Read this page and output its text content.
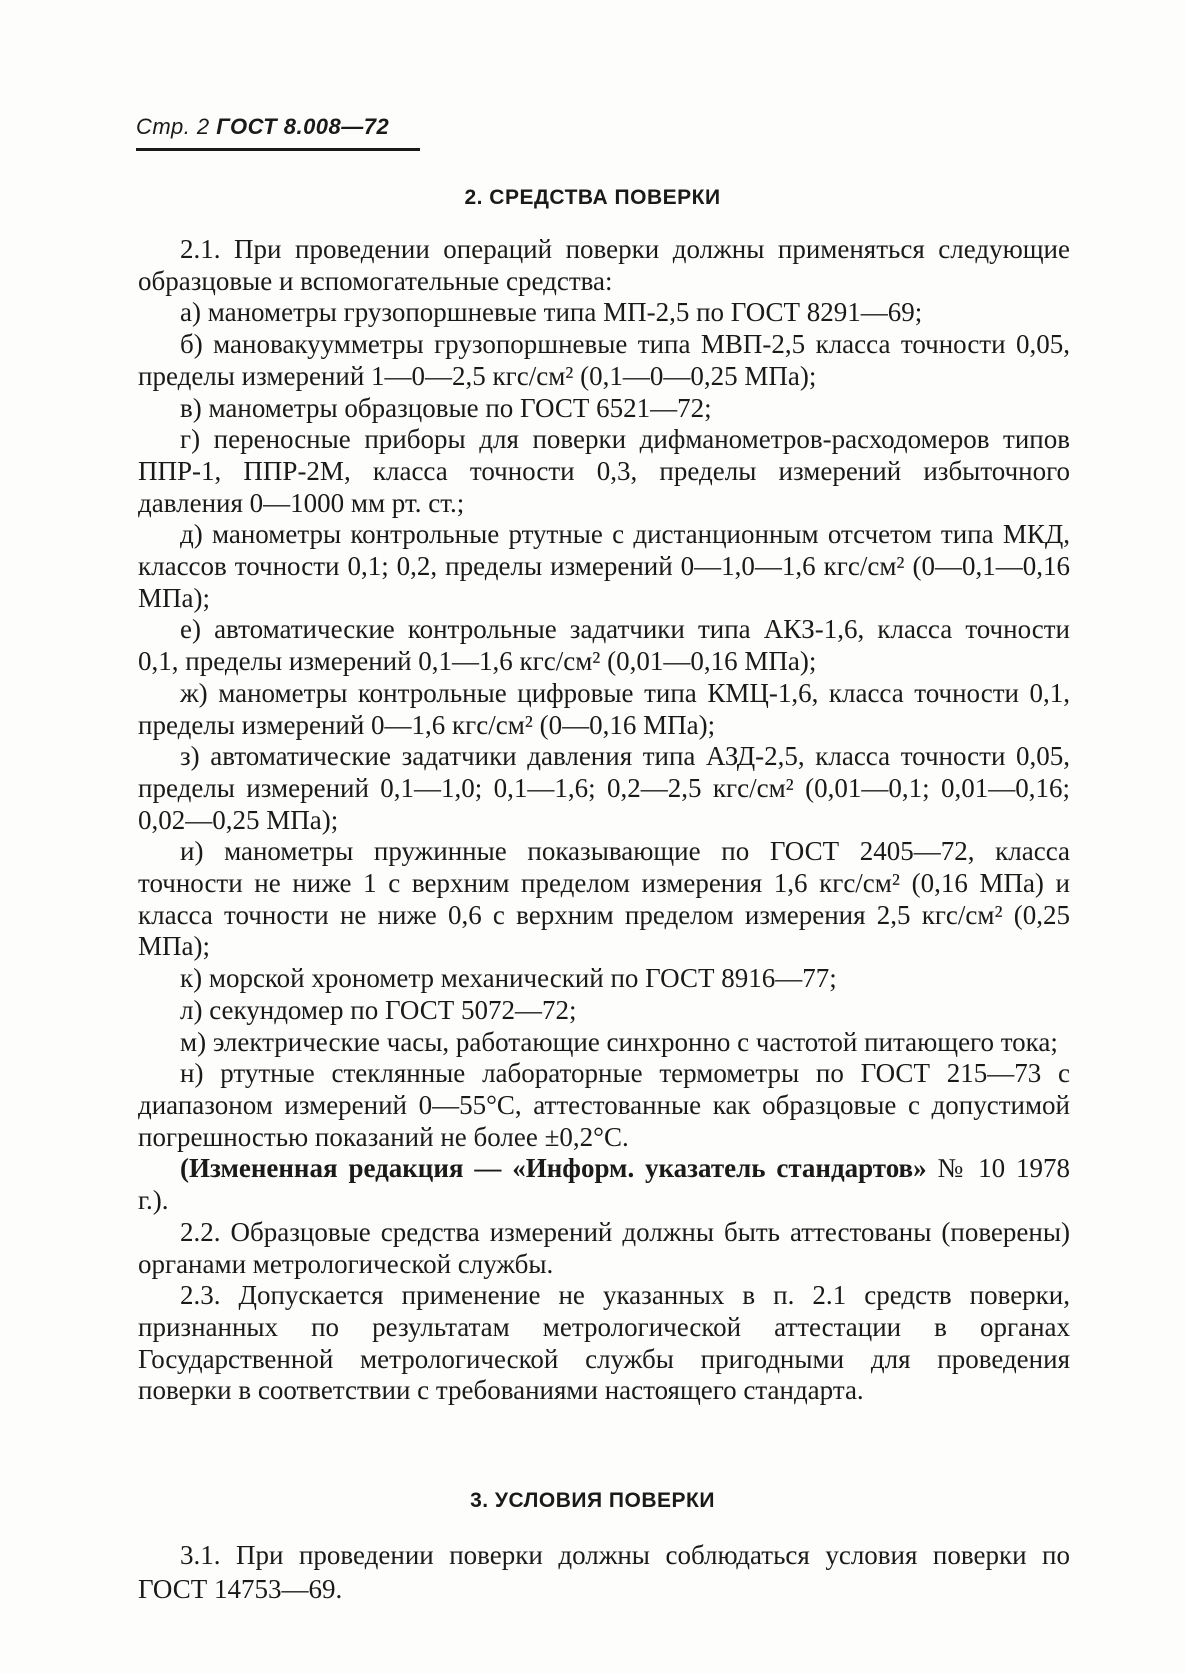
Стр. 2 ГОСТ 8.008—72
2. СРЕДСТВА ПОВЕРКИ

2.1. При проведении операций поверки должны применяться следующие образцовые и вспомогательные средства:

а) манометры грузопоршневые типа МП-2,5 по ГОСТ 8291—69;

б) мановакуумметры грузопоршневые типа МВП-2,5 класса точности 0,05, пределы измерений 1—0—2,5 кгс/см² (0,1—0—0,25 МПа);

в) манометры образцовые по ГОСТ 6521—72;

г) переносные приборы для поверки дифманометров-расходомеров типов ППР-1, ППР-2М, класса точности 0,3, пределы измерений избыточного давления 0—1000 мм рт. ст.;

д) манометры контрольные ртутные с дистанционным отсчетом типа МКД, классов точности 0,1; 0,2, пределы измерений 0—1,0—1,6 кгс/см² (0—0,1—0,16 МПа);

е) автоматические контрольные задатчики типа АКЗ-1,6, класса точности 0,1, пределы измерений 0,1—1,6 кгс/см² (0,01—0,16 МПа);

ж) манометры контрольные цифровые типа КМЦ-1,6, класса точности 0,1, пределы измерений 0—1,6 кгс/см² (0—0,16 МПа);

з) автоматические задатчики давления типа АЗД-2,5, класса точности 0,05, пределы измерений 0,1—1,0; 0,1—1,6; 0,2—2,5 кгс/см² (0,01—0,1; 0,01—0,16; 0,02—0,25 МПа);

и) манометры пружинные показывающие по ГОСТ 2405—72, класса точности не ниже 1 с верхним пределом измерения 1,6 кгс/см² (0,16 МПа) и класса точности не ниже 0,6 с верхним пределом измерения 2,5 кгс/см² (0,25 МПа);

к) морской хронометр механический по ГОСТ 8916—77;

л) секундомер по ГОСТ 5072—72;

м) электрические часы, работающие синхронно с частотой питающего тока;

н) ртутные стеклянные лабораторные термометры по ГОСТ 215—73 с диапазоном измерений 0—55°С, аттестованные как образцовые с допустимой погрешностью показаний не более ±0,2°С.

(Измененная редакция — «Информ. указатель стандартов» № 10 1978 г.).

2.2. Образцовые средства измерений должны быть аттестованы (поверены) органами метрологической службы.

2.3. Допускается применение не указанных в п. 2.1 средств поверки, признанных по результатам метрологической аттестации в органах Государственной метрологической службы пригодными для проведения поверки в соответствии с требованиями настоящего стандарта.

3. УСЛОВИЯ ПОВЕРКИ

3.1. При проведении поверки должны соблюдаться условия поверки по ГОСТ 14753—69.
